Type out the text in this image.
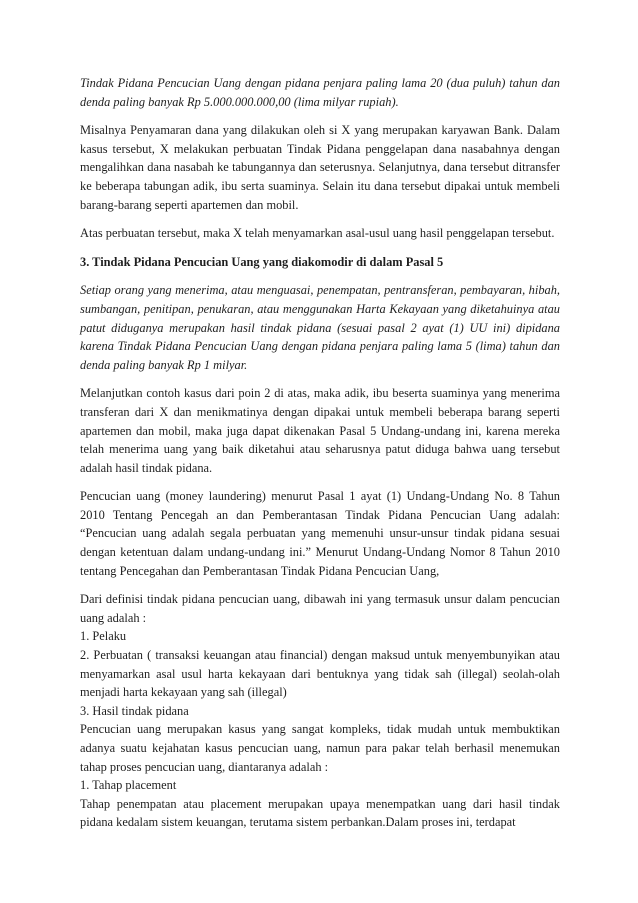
Tindak Pidana Pencucian Uang dengan pidana penjara paling lama 20 (dua puluh) tahun dan denda paling banyak Rp 5.000.000.000,00 (lima milyar rupiah).

Misalnya Penyamaran dana yang dilakukan oleh si X yang merupakan karyawan Bank. Dalam kasus tersebut, X melakukan perbuatan Tindak Pidana penggelapan dana nasabahnya dengan mengalihkan dana nasabah ke tabungannya dan seterusnya. Selanjutnya, dana tersebut ditransfer ke beberapa tabungan adik, ibu serta suaminya. Selain itu dana tersebut dipakai untuk membeli barang-barang seperti apartemen dan mobil.

Atas perbuatan tersebut, maka X telah menyamarkan asal-usul uang hasil penggelapan tersebut.

3. Tindak Pidana Pencucian Uang yang diakomodir di dalam Pasal 5

Setiap orang yang menerima, atau menguasai, penempatan, pentransferan, pembayaran, hibah, sumbangan, penitipan, penukaran, atau menggunakan Harta Kekayaan yang diketahuinya atau patut diduganya merupakan hasil tindak pidana (sesuai pasal 2 ayat (1) UU ini) dipidana karena Tindak Pidana Pencucian Uang dengan pidana penjara paling lama 5 (lima) tahun dan denda paling banyak Rp 1 milyar.

Melanjutkan contoh kasus dari poin 2 di atas, maka adik, ibu beserta suaminya yang menerima transferan dari X dan menikmatinya dengan dipakai untuk membeli beberapa barang seperti apartemen dan mobil, maka juga dapat dikenakan Pasal 5 Undang-undang ini, karena mereka telah menerima uang yang baik diketahui atau seharusnya patut diduga bahwa uang tersebut adalah hasil tindak pidana.

Pencucian uang (money laundering) menurut Pasal 1 ayat (1) Undang-Undang No. 8 Tahun 2010 Tentang Pencegah an dan Pemberantasan Tindak Pidana Pencucian Uang adalah: “Pencucian uang adalah segala perbuatan yang memenuhi unsur-unsur tindak pidana sesuai dengan ketentuan dalam undang-undang ini.” Menurut Undang-Undang Nomor 8 Tahun 2010 tentang Pencegahan dan Pemberantasan Tindak Pidana Pencucian Uang,

Dari definisi tindak pidana pencucian uang, dibawah ini yang termasuk unsur dalam pencucian uang adalah :

1. Pelaku

2. Perbuatan ( transaksi keuangan atau financial) dengan maksud untuk menyembunyikan atau menyamarkan asal usul harta kekayaan dari bentuknya yang tidak sah (illegal) seolah-olah menjadi harta kekayaan yang sah (illegal)

3. Hasil tindak pidana

Pencucian uang merupakan kasus yang sangat kompleks, tidak mudah untuk membuktikan adanya suatu kejahatan kasus pencucian uang, namun para pakar telah berhasil menemukan tahap proses pencucian uang, diantaranya adalah :

1. Tahap placement

Tahap penempatan atau placement merupakan upaya menempatkan uang dari hasil tindak pidana kedalam sistem keuangan, terutama sistem perbankan.Dalam proses ini, terdapat
